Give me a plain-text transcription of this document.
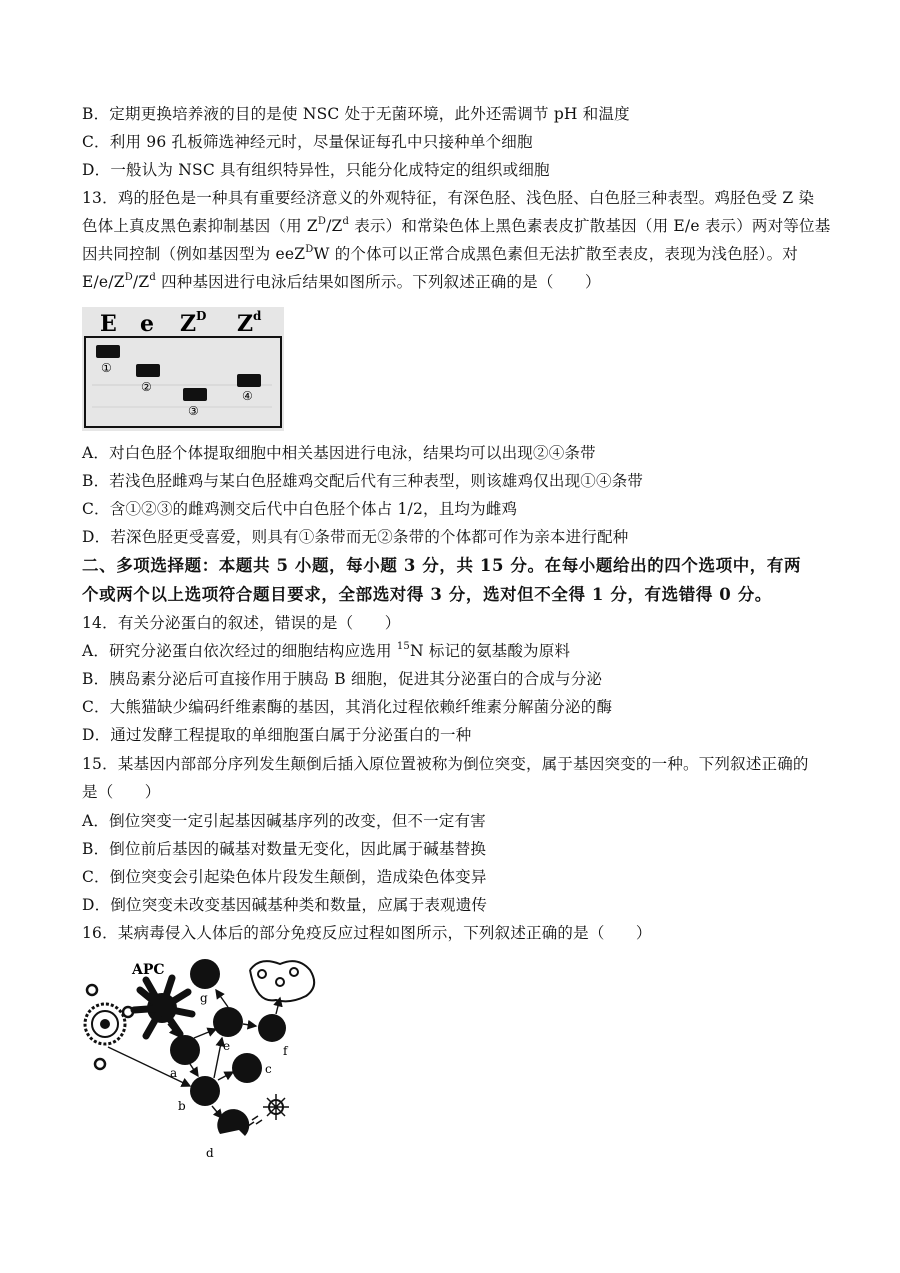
B．定期更换培养液的目的是使 NSC 处于无菌环境，此外还需调节 pH 和温度
C．利用 96 孔板筛选神经元时，尽量保证每孔中只接种单个细胞
D．一般认为 NSC 具有组织特异性，只能分化成特定的组织或细胞
13．鸡的胫色是一种具有重要经济意义的外观特征，有深色胫、浅色胫、白色胫三种表型。鸡胫色受 Z 染
色体上真皮黑色素抑制基因（用 $Z^D/Z^d$ 表示）和常染色体上黑色素表皮扩散基因（用 E/e 表示）两对等位基
因共同控制（例如基因型为 eeZ$^D$W 的个体可以正常合成黑色素但无法扩散至表皮，表现为浅色胫）。对
$E/e/Z^D/Z^d$ 四种基因进行电泳后结果如图所示。下列叙述正确的是（　　）
E e Z D Z d
①
②
③
④
A．对白色胫个体提取细胞中相关基因进行电泳，结果均可以出现②④条带
B．若浅色胫雌鸡与某白色胫雄鸡交配后代有三种表型，则该雄鸡仅出现①④条带
C．含①②③的雌鸡测交后代中白色胫个体占 1/2，且均为雌鸡
D．若深色胫更受喜爱，则具有①条带而无②条带的个体都可作为亲本进行配种
二、多项选择题：本题共 5 小题，每小题 3 分，共 15 分。在每小题给出的四个选项中，有两
个或两个以上选项符合题目要求，全部选对得 3 分，选对但不全得 1 分，有选错得 0 分。
14．有关分泌蛋白的叙述，错误的是（　　）
A．研究分泌蛋白依次经过的细胞结构应选用 $^{15}$N 标记的氨基酸为原料
B．胰岛素分泌后可直接作用于胰岛 B 细胞，促进其分泌蛋白的合成与分泌
C．大熊猫缺少编码纤维素酶的基因，其消化过程依赖纤维素分解菌分泌的酶
D．通过发酵工程提取的单细胞蛋白属于分泌蛋白的一种
15．某基因内部部分序列发生颠倒后插入原位置被称为倒位突变，属于基因突变的一种。下列叙述正确的
是（　　）
A．倒位突变一定引起基因碱基序列的改变，但不一定有害
B．倒位前后基因的碱基对数量无变化，因此属于碱基替换
C．倒位突变会引起染色体片段发生颠倒，造成染色体变异
D．倒位突变未改变基因碱基种类和数量，应属于表观遗传
16．某病毒侵入人体后的部分免疫反应过程如图所示，下列叙述正确的是（　　）
APC
g
a
e	f
c
b
d
